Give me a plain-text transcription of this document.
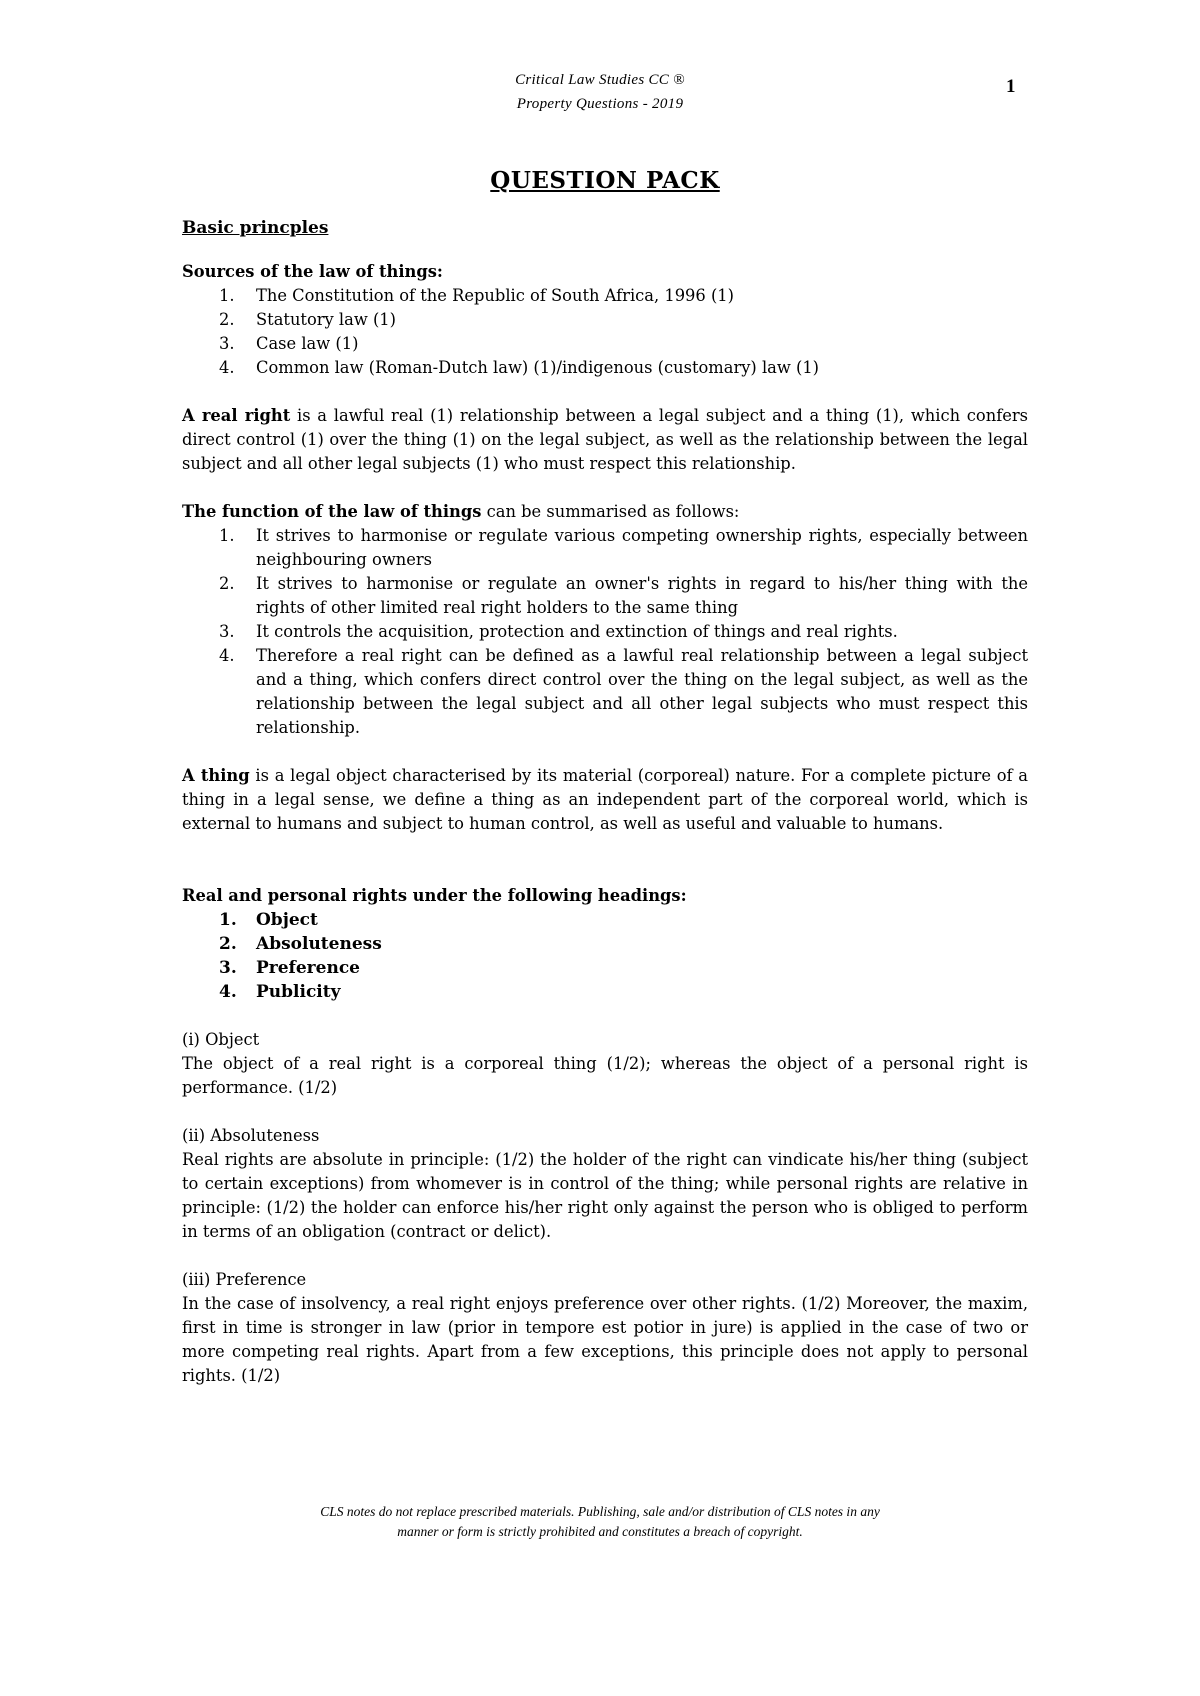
Critical Law Studies CC ®
Property Questions - 2019
1
QUESTION PACK
Basic princples

Sources of the law of things:

1. The Constitution of the Republic of South Africa, 1996 (1)
2. Statutory law (1)
3. Case law (1)
4. Common law (Roman-Dutch law) (1)/indigenous (customary) law (1)

A real right is a lawful real (1) relationship between a legal subject and a thing (1), which confers direct control (1) over the thing (1) on the legal subject, as well as the relationship between the legal subject and all other legal subjects (1) who must respect this relationship.

The function of the law of things can be summarised as follows:

1. It strives to harmonise or regulate various competing ownership rights, especially between neighbouring owners
2. It strives to harmonise or regulate an owner's rights in regard to his/her thing with the rights of other limited real right holders to the same thing
3. It controls the acquisition, protection and extinction of things and real rights.
4. Therefore a real right can be defined as a lawful real relationship between a legal subject and a thing, which confers direct control over the thing on the legal subject, as well as the relationship between the legal subject and all other legal subjects who must respect this relationship.

A thing is a legal object characterised by its material (corporeal) nature. For a complete picture of a thing in a legal sense, we define a thing as an independent part of the corporeal world, which is external to humans and subject to human control, as well as useful and valuable to humans.

Real and personal rights under the following headings:

1. Object
2. Absoluteness
3. Preference
4. Publicity

(i) Object

The object of a real right is a corporeal thing (1/2); whereas the object of a personal right is performance. (1/2)

(ii) Absoluteness

Real rights are absolute in principle: (1/2) the holder of the right can vindicate his/her thing (subject to certain exceptions) from whomever is in control of the thing; while personal rights are relative in principle: (1/2) the holder can enforce his/her right only against the person who is obliged to perform in terms of an obligation (contract or delict).

(iii) Preference

In the case of insolvency, a real right enjoys preference over other rights. (1/2) Moreover, the maxim, first in time is stronger in law (prior in tempore est potior in jure) is applied in the case of two or more competing real rights. Apart from a few exceptions, this principle does not apply to personal rights. (1/2)

CLS notes do not replace prescribed materials. Publishing, sale and/or distribution of CLS notes in any
manner or form is strictly prohibited and constitutes a breach of copyright.
